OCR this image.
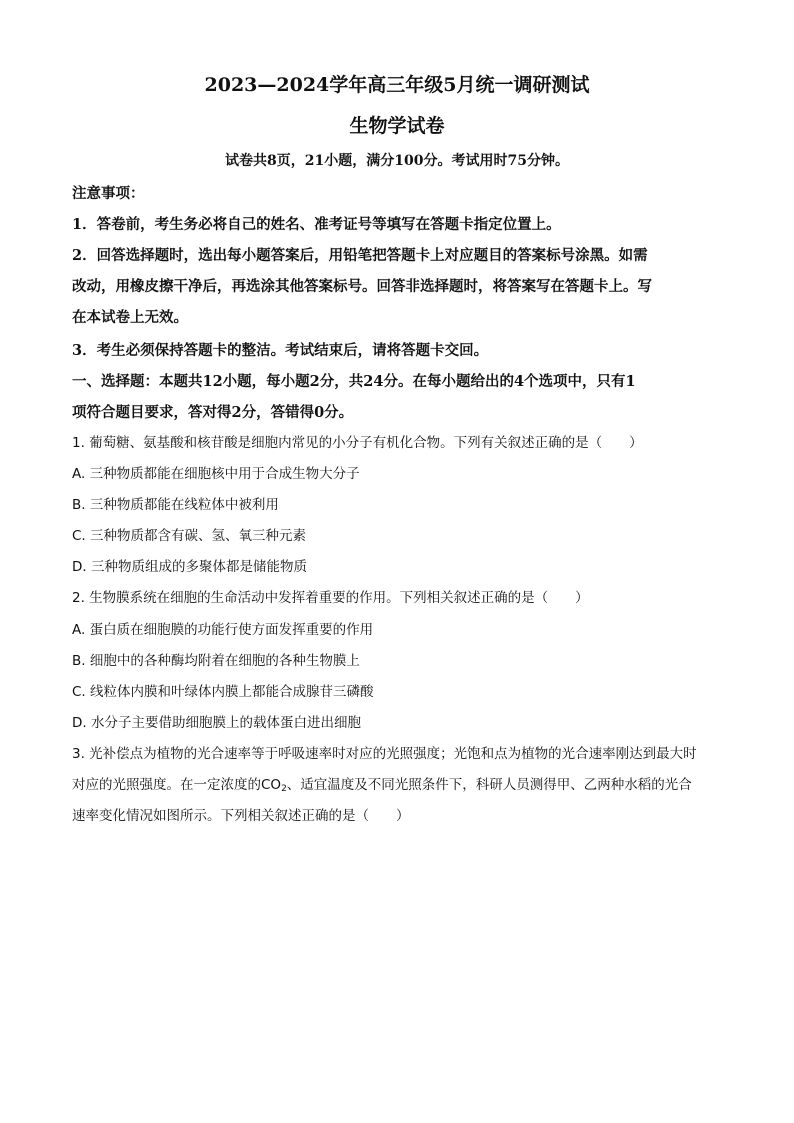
2023—2024学年高三年级5月统一调研测试
生物学试卷
试卷共8页，21小题，满分100分。考试用时75分钟。
注意事项：
1．答卷前，考生务必将自己的姓名、准考证号等填写在答题卡指定位置上。
2．回答选择题时，选出每小题答案后，用铅笔把答题卡上对应题目的答案标号涂黑。如需
改动，用橡皮擦干净后，再选涂其他答案标号。回答非选择题时，将答案写在答题卡上。写
在本试卷上无效。
3．考生必须保持答题卡的整洁。考试结束后，请将答题卡交回。
一、选择题：本题共12小题，每小题2分，共24分。在每小题给出的4个选项中，只有1
项符合题目要求，答对得2分，答错得0分。
1. 葡萄糖、氨基酸和核苷酸是细胞内常见的小分子有机化合物。下列有关叙述正确的是（　　）
A. 三种物质都能在细胞核中用于合成生物大分子
B. 三种物质都能在线粒体中被利用
C. 三种物质都含有碳、氢、氧三种元素
D. 三种物质组成的多聚体都是储能物质
2. 生物膜系统在细胞的生命活动中发挥着重要的作用。下列相关叙述正确的是（　　）
A. 蛋白质在细胞膜的功能行使方面发挥重要的作用
B. 细胞中的各种酶均附着在细胞的各种生物膜上
C. 线粒体内膜和叶绿体内膜上都能合成腺苷三磷酸
D. 水分子主要借助细胞膜上的载体蛋白进出细胞
3. 光补偿点为植物的光合速率等于呼吸速率时对应的光照强度；光饱和点为植物的光合速率刚达到最大时
对应的光照强度。在一定浓度的$CO_2$、适宜温度及不同光照条件下，科研人员测得甲、乙两种水稻的光合
速率变化情况如图所示。下列相关叙述正确的是（　　）
